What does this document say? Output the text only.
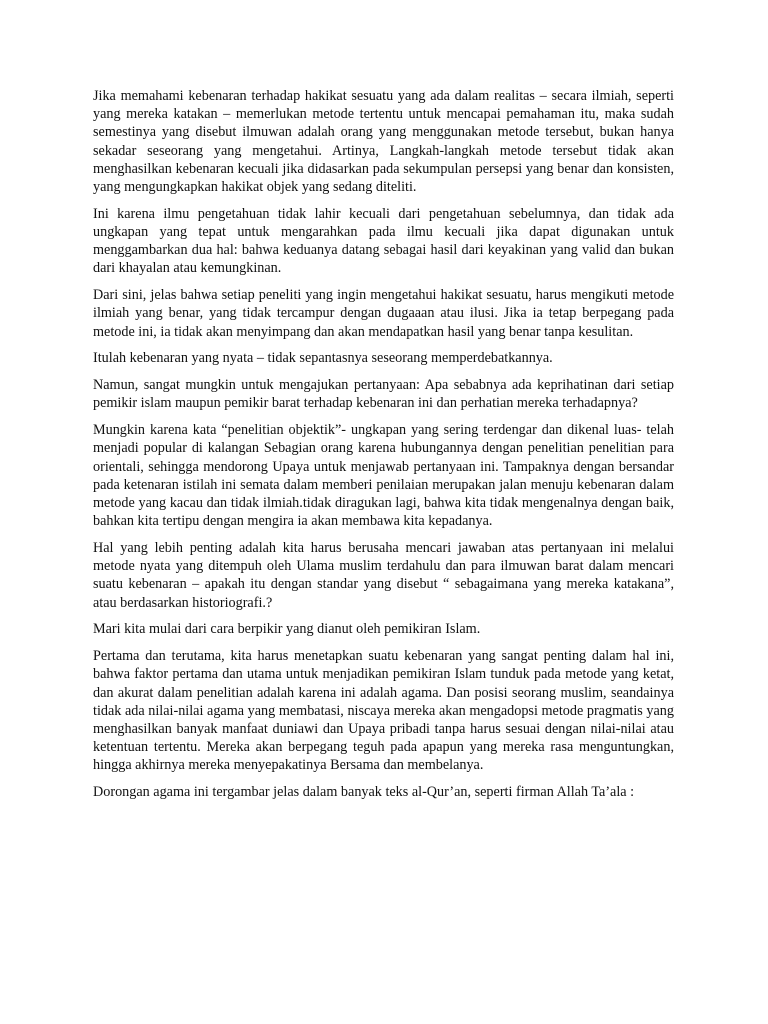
Jika memahami kebenaran terhadap hakikat sesuatu yang ada dalam realitas – secara ilmiah, seperti yang mereka katakan – memerlukan metode tertentu untuk mencapai pemahaman itu, maka sudah semestinya yang disebut ilmuwan adalah orang yang menggunakan metode tersebut, bukan hanya sekadar seseorang yang mengetahui. Artinya, Langkah-langkah metode tersebut tidak akan menghasilkan kebenaran kecuali jika didasarkan pada sekumpulan persepsi yang benar dan konsisten, yang mengungkapkan hakikat objek yang sedang diteliti.

Ini karena ilmu pengetahuan tidak lahir kecuali dari pengetahuan sebelumnya, dan tidak ada ungkapan yang tepat untuk mengarahkan pada ilmu kecuali jika dapat digunakan untuk menggambarkan dua hal: bahwa keduanya datang sebagai hasil dari keyakinan yang valid dan bukan dari khayalan atau kemungkinan.

Dari sini, jelas bahwa setiap peneliti yang ingin mengetahui hakikat sesuatu, harus mengikuti metode ilmiah yang benar, yang tidak tercampur dengan dugaaan atau ilusi. Jika ia tetap berpegang pada metode ini, ia tidak akan menyimpang dan akan mendapatkan hasil yang benar tanpa kesulitan.

Itulah kebenaran yang nyata – tidak sepantasnya seseorang memperdebatkannya.

Namun, sangat mungkin untuk mengajukan pertanyaan: Apa sebabnya ada keprihatinan dari setiap pemikir islam maupun pemikir barat terhadap kebenaran ini dan perhatian mereka terhadapnya?

Mungkin karena kata “penelitian objektik”- ungkapan yang sering terdengar dan dikenal luas- telah menjadi popular di kalangan Sebagian orang karena hubungannya dengan penelitian penelitian para orientali, sehingga mendorong Upaya untuk menjawab pertanyaan ini. Tampaknya dengan bersandar pada ketenaran istilah ini semata dalam memberi penilaian merupakan jalan menuju kebenaran dalam metode yang kacau dan tidak ilmiah.tidak diragukan lagi, bahwa kita tidak mengenalnya dengan baik, bahkan kita tertipu dengan mengira ia akan membawa kita kepadanya.

Hal yang lebih penting adalah kita harus berusaha mencari jawaban atas pertanyaan ini melalui metode nyata yang ditempuh oleh Ulama muslim terdahulu dan para ilmuwan barat dalam mencari suatu kebenaran – apakah itu dengan standar yang disebut “ sebagaimana yang mereka katakana”, atau berdasarkan historiografi.?

Mari kita mulai dari cara berpikir yang dianut oleh pemikiran Islam.

Pertama dan terutama, kita harus menetapkan suatu kebenaran yang sangat penting dalam hal ini, bahwa faktor pertama dan utama untuk menjadikan pemikiran Islam tunduk pada metode yang ketat, dan akurat dalam penelitian adalah karena ini adalah agama. Dan posisi seorang muslim, seandainya tidak ada nilai-nilai agama yang membatasi, niscaya mereka akan mengadopsi metode pragmatis yang menghasilkan banyak manfaat duniawi dan Upaya pribadi tanpa harus sesuai dengan nilai-nilai atau ketentuan tertentu. Mereka akan berpegang teguh pada apapun yang mereka rasa menguntungkan, hingga akhirnya mereka menyepakatinya Bersama dan membelanya.

Dorongan agama ini tergambar jelas dalam banyak teks al-Qur’an, seperti firman Allah Ta’ala :
